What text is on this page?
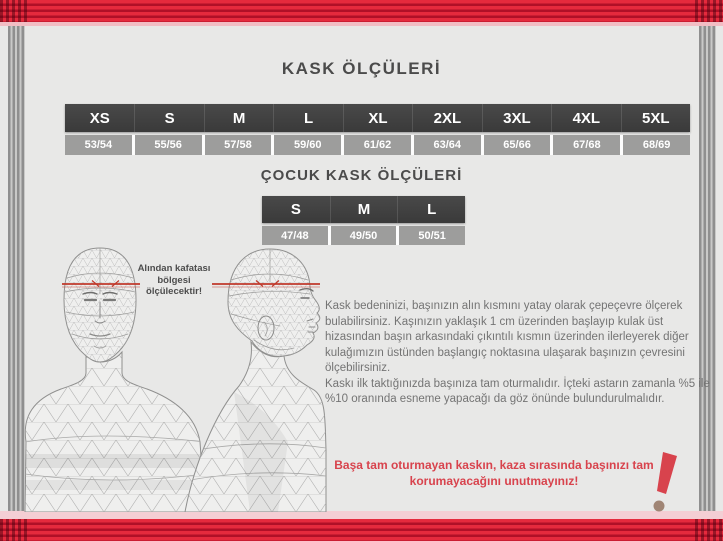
KASK ÖLÇÜLERİ
XS	S	M	L	XL	2XL	3XL	4XL	5XL
53/54	55/56	57/58	59/60	61/62	63/64	65/66	67/68	68/69
ÇOCUK KASK ÖLÇÜLERİ
S	M	L
47/48	49/50	50/51
Alından kafatası bölgesi ölçülecektir!
Kask bedeninizi, başınızın alın kısmını yatay olarak çepeçevre ölçerek bulabilirsiniz. Kaşınızın yaklaşık 1 cm üzerinden başlayıp kulak üst hizasından başın arkasındaki çıkıntılı kısmın üzerinden ilerleyerek diğer kulağımızın üstünden başlangıç noktasına ulaşarak başınızın çevresini ölçebilirsiniz.
Kaskı ilk taktığınızda başınıza tam oturmalıdır. İçteki astarın zamanla %5 ile %10 oranında esneme yapacağı da göz önünde bulundurulmalıdır.
Başa tam oturmayan kaskın, kaza sırasında başınızı tam korumayacağını unutmayınız!
